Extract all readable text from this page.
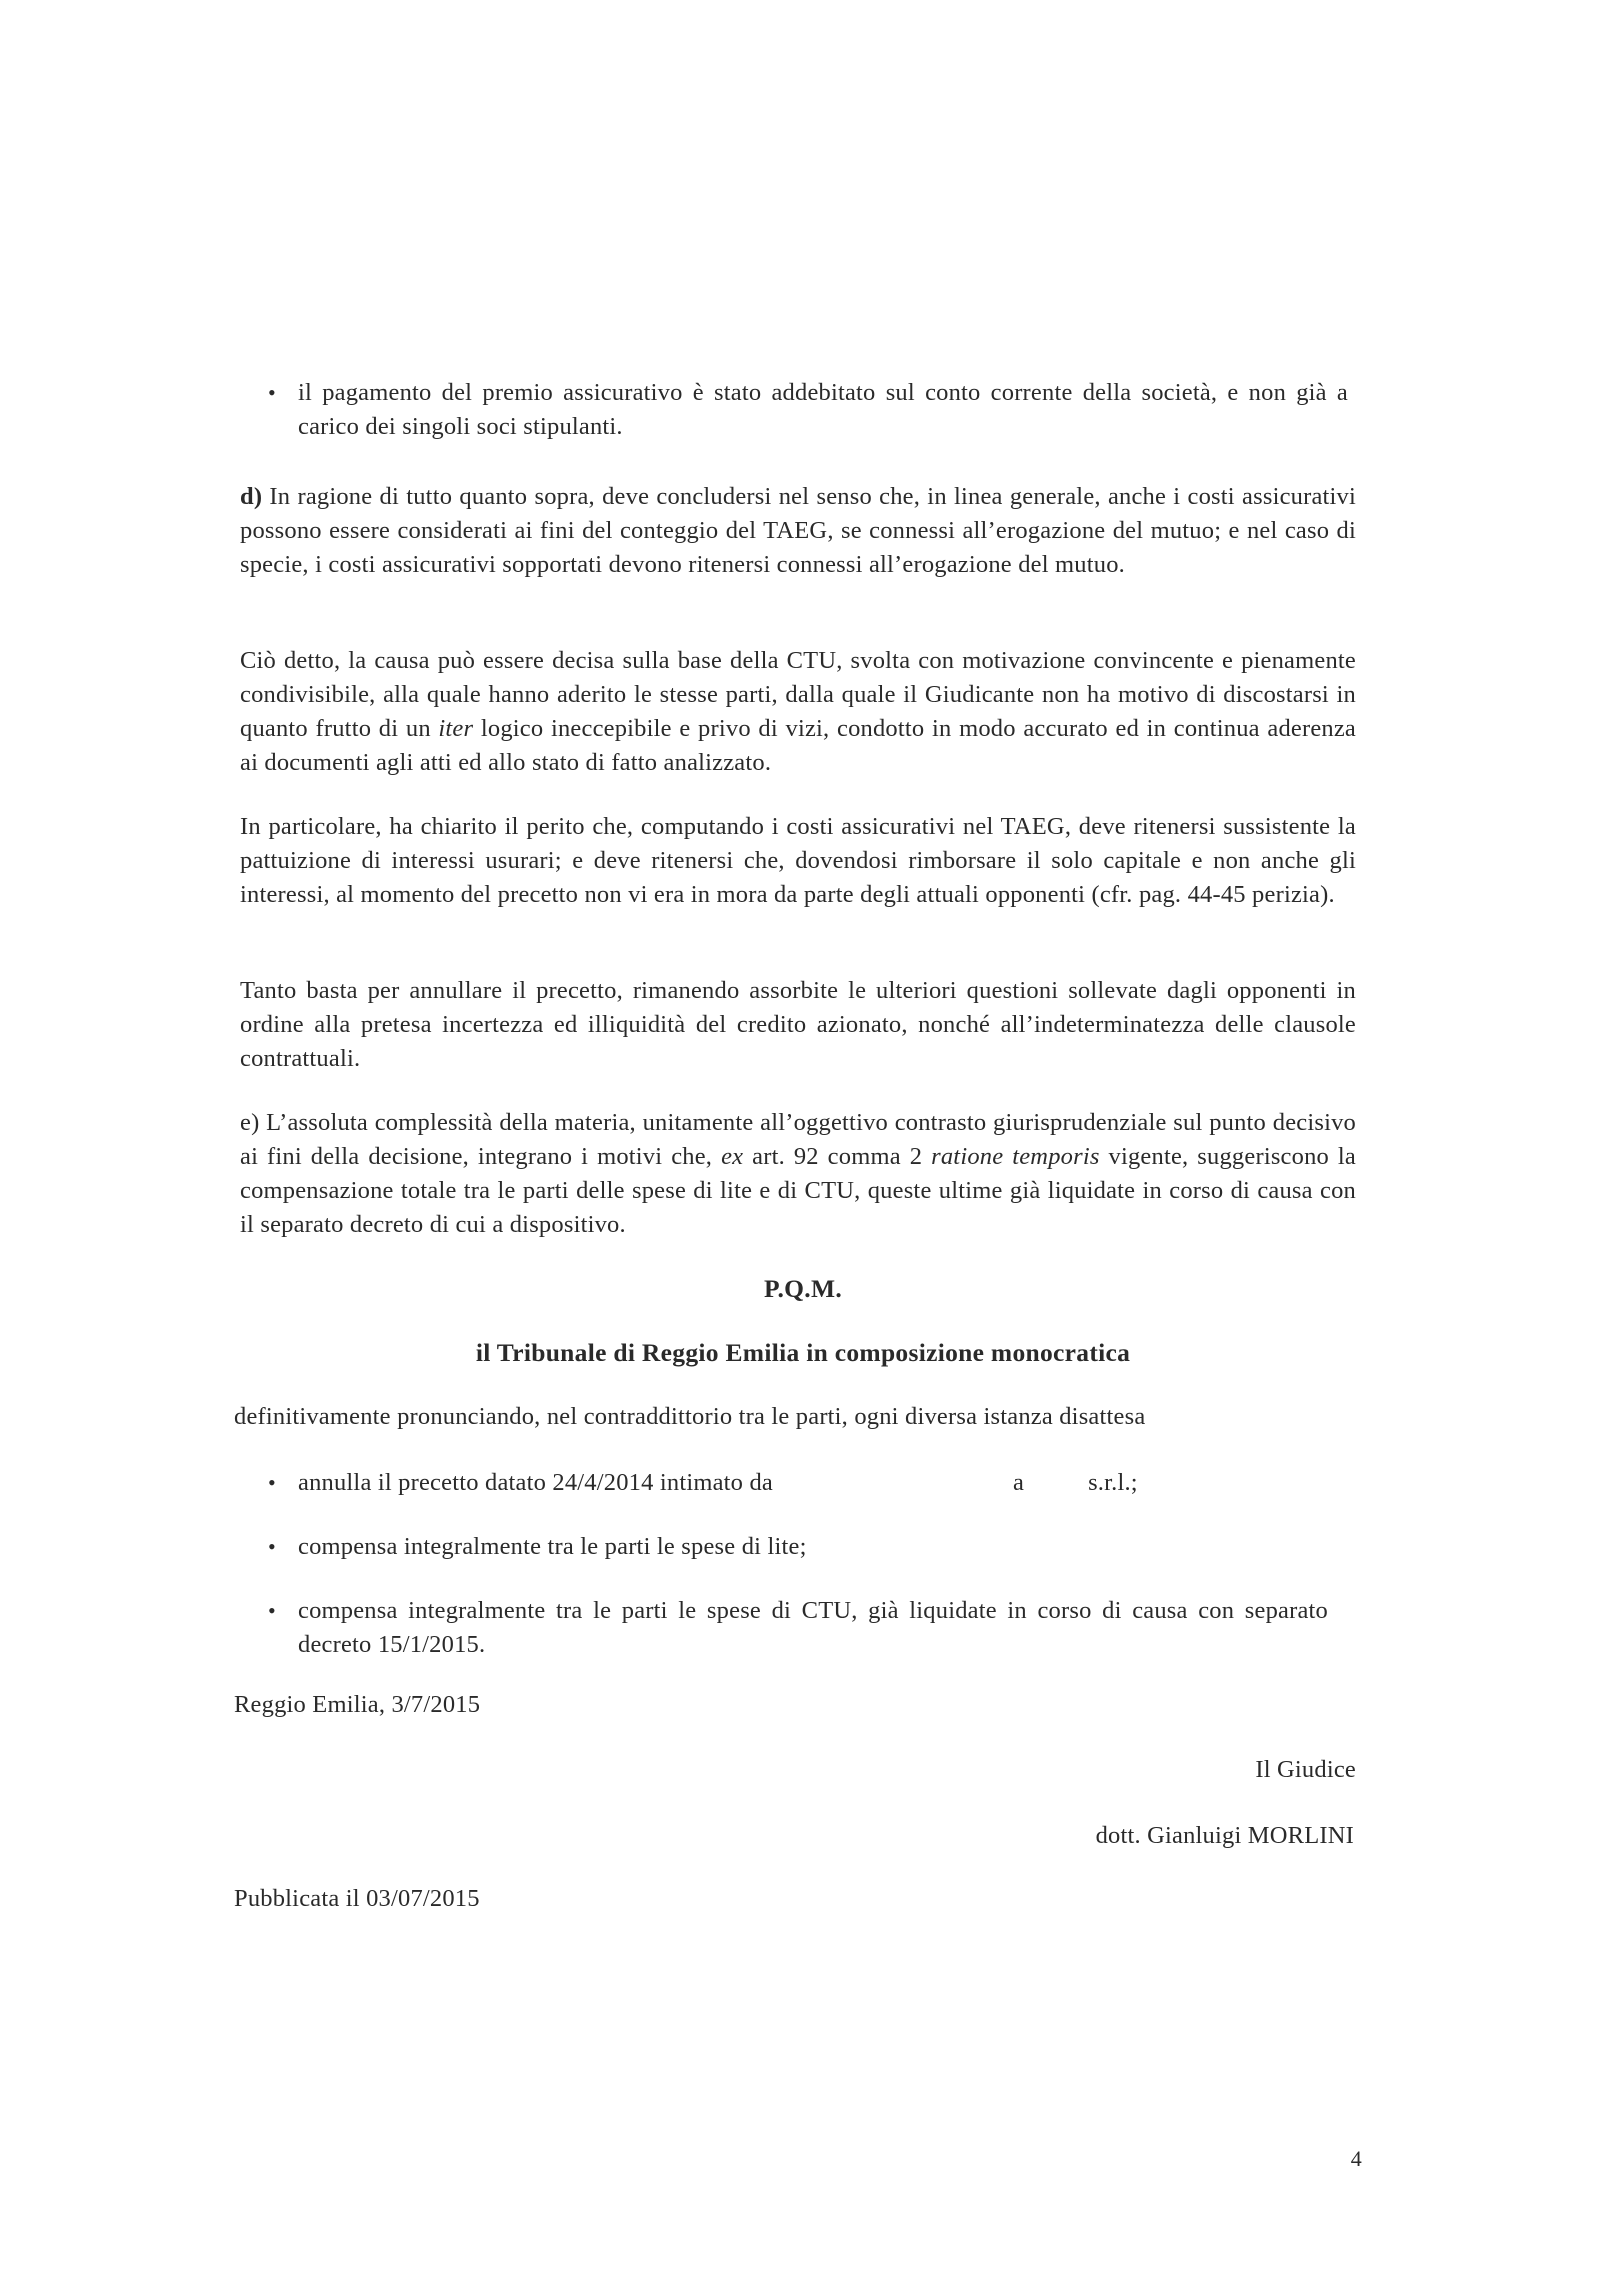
• il pagamento del premio assicurativo è stato addebitato sul conto corrente della società, e non già a carico dei singoli soci stipulanti.
d) In ragione di tutto quanto sopra, deve concludersi nel senso che, in linea generale, anche i costi assicurativi possono essere considerati ai fini del conteggio del TAEG, se connessi all’erogazione del mutuo; e nel caso di specie, i costi assicurativi sopportati devono ritenersi connessi all’erogazione del mutuo.
Ciò detto, la causa può essere decisa sulla base della CTU, svolta con motivazione convincente e pienamente condivisibile, alla quale hanno aderito le stesse parti, dalla quale il Giudicante non ha motivo di discostarsi in quanto frutto di un iter logico ineccepibile e privo di vizi, condotto in modo accurato ed in continua aderenza ai documenti agli atti ed allo stato di fatto analizzato.
In particolare, ha chiarito il perito che, computando i costi assicurativi nel TAEG, deve ritenersi sussistente la pattuizione di interessi usurari; e deve ritenersi che, dovendosi rimborsare il solo capitale e non anche gli interessi, al momento del precetto non vi era in mora da parte degli attuali opponenti (cfr. pag. 44-45 perizia).
Tanto basta per annullare il precetto, rimanendo assorbite le ulteriori questioni sollevate dagli opponenti in ordine alla pretesa incertezza ed illiquidità del credito azionato, nonché all’indeterminatezza delle clausole contrattuali.
e) L’assoluta complessità della materia, unitamente all’oggettivo contrasto giurisprudenziale sul punto decisivo ai fini della decisione, integrano i motivi che, ex art. 92 comma 2 ratione temporis vigente, suggeriscono la compensazione totale tra le parti delle spese di lite e di CTU, queste ultime già liquidate in corso di causa con il separato decreto di cui a dispositivo.
P.Q.M.
il Tribunale di Reggio Emilia in composizione monocratica
definitivamente pronunciando, nel contraddittorio tra le parti, ogni diversa istanza disattesa
• annulla il precetto datato 24/4/2014 intimato da	a	s.r.l.;
• compensa integralmente tra le parti le spese di lite;
• compensa integralmente tra le parti le spese di CTU, già liquidate in corso di causa con separato decreto 15/1/2015.
Reggio Emilia, 3/7/2015
Il Giudice
dott. Gianluigi MORLINI
Pubblicata il 03/07/2015
4
